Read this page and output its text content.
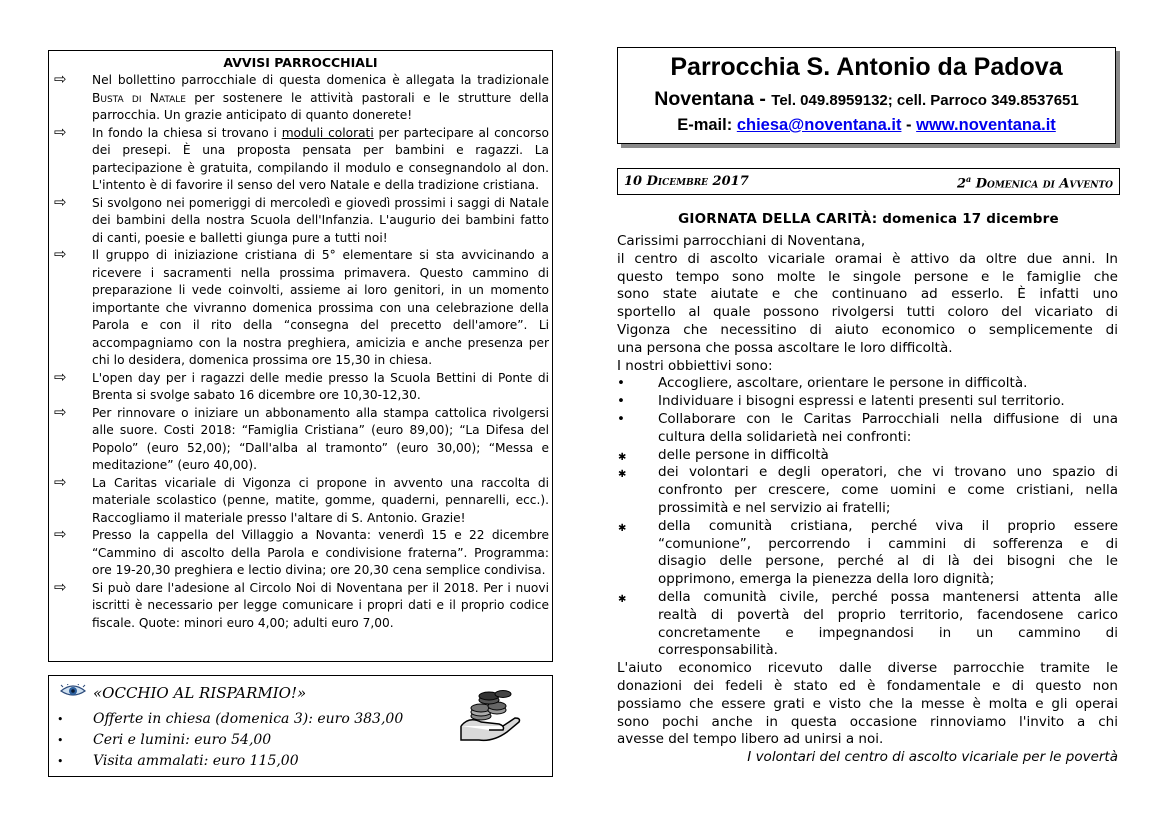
AVVISI PARROCCHIALI
⇨ Nel bollettino parrocchiale di questa domenica è allegata la tradizionale Busta di Natale per sostenere le attività pastorali e le strutture della parrocchia. Un grazie anticipato di quanto donerete!
⇨ In fondo la chiesa si trovano i moduli colorati per partecipare al concorso dei presepi. È una proposta pensata per bambini e ragazzi. La partecipazione è gratuita, compilando il modulo e consegnandolo al don. L'intento è di favorire il senso del vero Natale e della tradizione cristiana.
⇨ Si svolgono nei pomeriggi di mercoledì e giovedì prossimi i saggi di Natale dei bambini della nostra Scuola dell'Infanzia. L'augurio dei bambini fatto di canti, poesie e balletti giunga pure a tutti noi!
⇨ Il gruppo di iniziazione cristiana di 5° elementare si sta avvicinando a ricevere i sacramenti nella prossima primavera. Questo cammino di preparazione li vede coinvolti, assieme ai loro genitori, in un momento importante che vivranno domenica prossima con una celebrazione della Parola e con il rito della “consegna del precetto dell'amore”. Li accompagniamo con la nostra preghiera, amicizia e anche presenza per chi lo desidera, domenica prossima ore 15,30 in chiesa.
⇨ L'open day per i ragazzi delle medie presso la Scuola Bettini di Ponte di Brenta si svolge sabato 16 dicembre ore 10,30-12,30.
⇨ Per rinnovare o iniziare un abbonamento alla stampa cattolica rivolgersi alle suore. Costi 2018: “Famiglia Cristiana” (euro 89,00); “La Difesa del Popolo” (euro 52,00); “Dall'alba al tramonto” (euro 30,00); “Messa e meditazione” (euro 40,00).
⇨ La Caritas vicariale di Vigonza ci propone in avvento una raccolta di materiale scolastico (penne, matite, gomme, quaderni, pennarelli, ecc.). Raccogliamo il materiale presso l'altare di S. Antonio. Grazie!
⇨ Presso la cappella del Villaggio a Novanta: venerdì 15 e 22 dicembre “Cammino di ascolto della Parola e condivisione fraterna”. Programma: ore 19-20,30 preghiera e lectio divina; ore 20,30 cena semplice condivisa.
⇨ Si può dare l'adesione al Circolo Noi di Noventana per il 2018. Per i nuovi iscritti è necessario per legge comunicare i propri dati e il proprio codice fiscale. Quote: minori euro 4,00; adulti euro 7,00.
«OCCHIO AL RISPARMIO!»
• Offerte in chiesa (domenica 3): euro 383,00
• Ceri e lumini: euro 54,00
• Visita ammalati: euro 115,00
Parrocchia S. Antonio da Padova
Noventana - Tel. 049.8959132; cell. Parroco 349.8537651
E-mail: chiesa@noventana.it - www.noventana.it
10 Dicembre 2017	2$^a$ Domenica di Avvento
GIORNATA DELLA CARITÀ: domenica 17 dicembre
Carissimi parrocchiani di Noventana,
il centro di ascolto vicariale oramai è attivo da oltre due anni. In
questo tempo sono molte le singole persone e le famiglie che
sono state aiutate e che continuano ad esserlo. È infatti uno
sportello al quale possono rivolgersi tutti coloro del vicariato di
Vigonza che necessitino di aiuto economico o semplicemente di
una persona che possa ascoltare le loro difficoltà.
I nostri obbiettivi sono:
• Accogliere, ascoltare, orientare le persone in difficoltà.
• Individuare i bisogni espressi e latenti presenti sul territorio.
• Collaborare con le Caritas Parrocchiali nella diffusione di una
cultura della solidarietà nei confronti:
✱ delle persone in difficoltà
✱ dei volontari e degli operatori, che vi trovano uno spazio di
confronto per crescere, come uomini e come cristiani, nella
prossimità e nel servizio ai fratelli;
✱ della comunità cristiana, perché viva il proprio essere
“comunione”, percorrendo i cammini di sofferenza e di
disagio delle persone, perché al di là dei bisogni che le
opprimono, emerga la pienezza della loro dignità;
✱ della comunità civile, perché possa mantenersi attenta alle
realtà di povertà del proprio territorio, facendosene carico
concretamente e impegnandosi in un cammino di
corresponsabilità.
L'aiuto economico ricevuto dalle diverse parrocchie tramite le
donazioni dei fedeli è stato ed è fondamentale e di questo non
possiamo che essere grati e visto che la messe è molta e gli operai
sono pochi anche in questa occasione rinnoviamo l'invito a chi
avesse del tempo libero ad unirsi a noi.
I volontari del centro di ascolto vicariale per le povertà
